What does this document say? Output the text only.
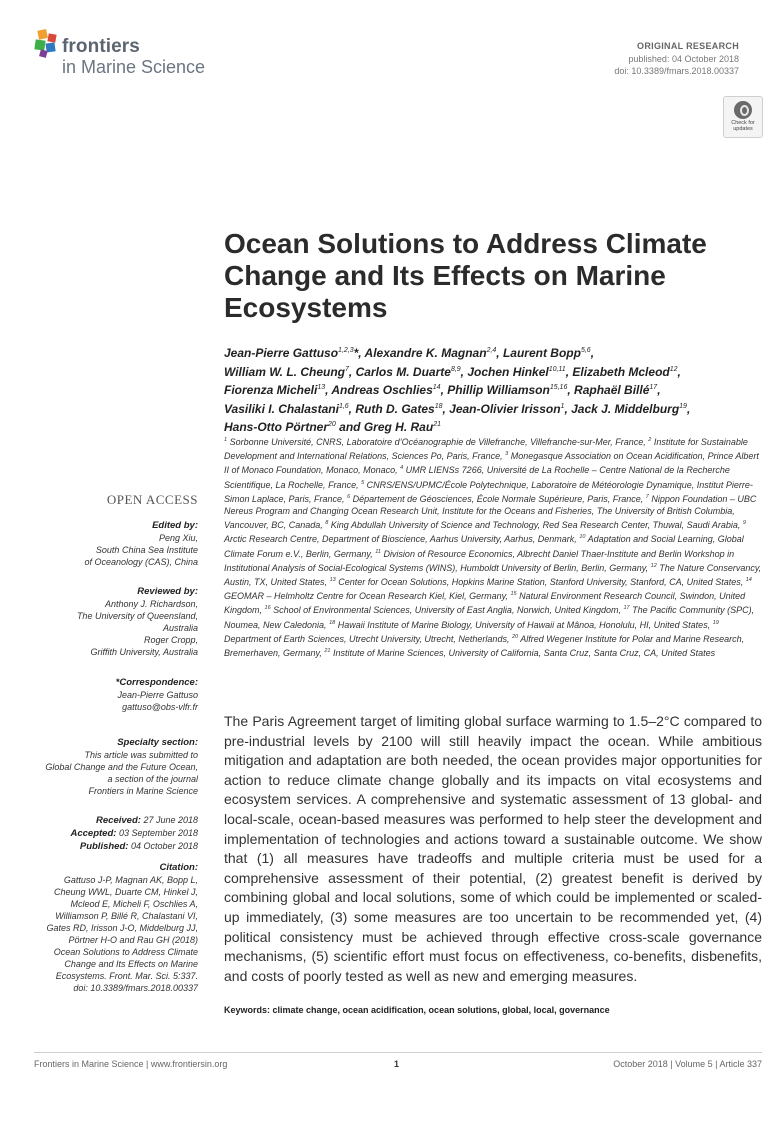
frontiers
in Marine Science
ORIGINAL RESEARCH
published: 04 October 2018
doi: 10.3389/fmars.2018.00337
Check for
updates
Ocean Solutions to Address Climate Change and Its Effects on Marine Ecosystems
Jean-Pierre Gattuso$^{1,2,3}$*, Alexandre K. Magnan$^{2,4}$, Laurent Bopp$^{5,6}$,
William W. L. Cheung$^7$, Carlos M. Duarte$^{8,9}$, Jochen Hinkel$^{10,11}$, Elizabeth Mcleod$^{12}$,
Fiorenza Micheli$^{13}$, Andreas Oschlies$^{14}$, Phillip Williamson$^{15,16}$, Raphaël Billé$^{17}$,
Vasiliki I. Chalastani$^{1,6}$, Ruth D. Gates$^{18}$, Jean-Olivier Irisson$^1$, Jack J. Middelburg$^{19}$,
Hans-Otto Pörtner$^{20}$ and Greg H. Rau$^{21}$
$^1$ Sorbonne Université, CNRS, Laboratoire d’Océanographie de Villefranche, Villefranche-sur-Mer, France, $^2$ Institute for Sustainable Development and International Relations, Sciences Po, Paris, France, $^3$ Monegasque Association on Ocean Acidification, Prince Albert II of Monaco Foundation, Monaco, Monaco, $^4$ UMR LIENSs 7266, Université de La Rochelle – Centre National de la Recherche Scientifique, La Rochelle, France, $^5$ CNRS/ENS/UPMC/École Polytechnique, Laboratoire de Météorologie Dynamique, Institut Pierre-Simon Laplace, Paris, France, $^6$ Département de Géosciences, École Normale Supérieure, Paris, France, $^7$ Nippon Foundation – UBC Nereus Program and Changing Ocean Research Unit, Institute for the Oceans and Fisheries, The University of British Columbia, Vancouver, BC, Canada, $^8$ King Abdullah University of Science and Technology, Red Sea Research Center, Thuwal, Saudi Arabia, $^9$ Arctic Research Centre, Department of Bioscience, Aarhus University, Aarhus, Denmark, $^{10}$ Adaptation and Social Learning, Global Climate Forum e.V., Berlin, Germany, $^{11}$ Division of Resource Economics, Albrecht Daniel Thaer-Institute and Berlin Workshop in Institutional Analysis of Social-Ecological Systems (WINS), Humboldt University of Berlin, Berlin, Germany, $^{12}$ The Nature Conservancy, Austin, TX, United States, $^{13}$ Center for Ocean Solutions, Hopkins Marine Station, Stanford University, Stanford, CA, United States, $^{14}$ GEOMAR – Helmholtz Centre for Ocean Research Kiel, Kiel, Germany, $^{15}$ Natural Environment Research Council, Swindon, United Kingdom, $^{16}$ School of Environmental Sciences, University of East Anglia, Norwich, United Kingdom, $^{17}$ The Pacific Community (SPC), Noumea, New Caledonia, $^{18}$ Hawaii Institute of Marine Biology, University of Hawaii at Mânoa, Honolulu, HI, United States, $^{19}$ Department of Earth Sciences, Utrecht University, Utrecht, Netherlands, $^{20}$ Alfred Wegener Institute for Polar and Marine Research, Bremerhaven, Germany, $^{21}$ Institute of Marine Sciences, University of California, Santa Cruz, Santa Cruz, CA, United States
OPEN ACCESS
Edited by:
Peng Xiu,
South China Sea Institute
of Oceanology (CAS), China
Reviewed by:
Anthony J. Richardson,
The University of Queensland,
Australia
Roger Cropp,
Griffith University, Australia
*Correspondence:
Jean-Pierre Gattuso
gattuso@obs-vlfr.fr
Specialty section:
This article was submitted to
Global Change and the Future Ocean,
a section of the journal
Frontiers in Marine Science
Received: 27 June 2018
Accepted: 03 September 2018
Published: 04 October 2018
Citation:
Gattuso J-P, Magnan AK, Bopp L,
Cheung WWL, Duarte CM, Hinkel J,
Mcleod E, Micheli F, Oschlies A,
Williamson P, Billé R, Chalastani VI,
Gates RD, Irisson J-O, Middelburg JJ,
Pörtner H-O and Rau GH (2018)
Ocean Solutions to Address Climate
Change and Its Effects on Marine
Ecosystems. Front. Mar. Sci. 5:337.
doi: 10.3389/fmars.2018.00337
The Paris Agreement target of limiting global surface warming to 1.5–2°C compared to pre-industrial levels by 2100 will still heavily impact the ocean. While ambitious mitigation and adaptation are both needed, the ocean provides major opportunities for action to reduce climate change globally and its impacts on vital ecosystems and ecosystem services. A comprehensive and systematic assessment of 13 global- and local-scale, ocean-based measures was performed to help steer the development and implementation of technologies and actions toward a sustainable outcome. We show that (1) all measures have tradeoffs and multiple criteria must be used for a comprehensive assessment of their potential, (2) greatest benefit is derived by combining global and local solutions, some of which could be implemented or scaled-up immediately, (3) some measures are too uncertain to be recommended yet, (4) political consistency must be achieved through effective cross-scale governance mechanisms, (5) scientific effort must focus on effectiveness, co-benefits, disbenefits, and costs of poorly tested as well as new and emerging measures.
Keywords: climate change, ocean acidification, ocean solutions, global, local, governance
Frontiers in Marine Science | www.frontiersin.org	1	October 2018 | Volume 5 | Article 337
